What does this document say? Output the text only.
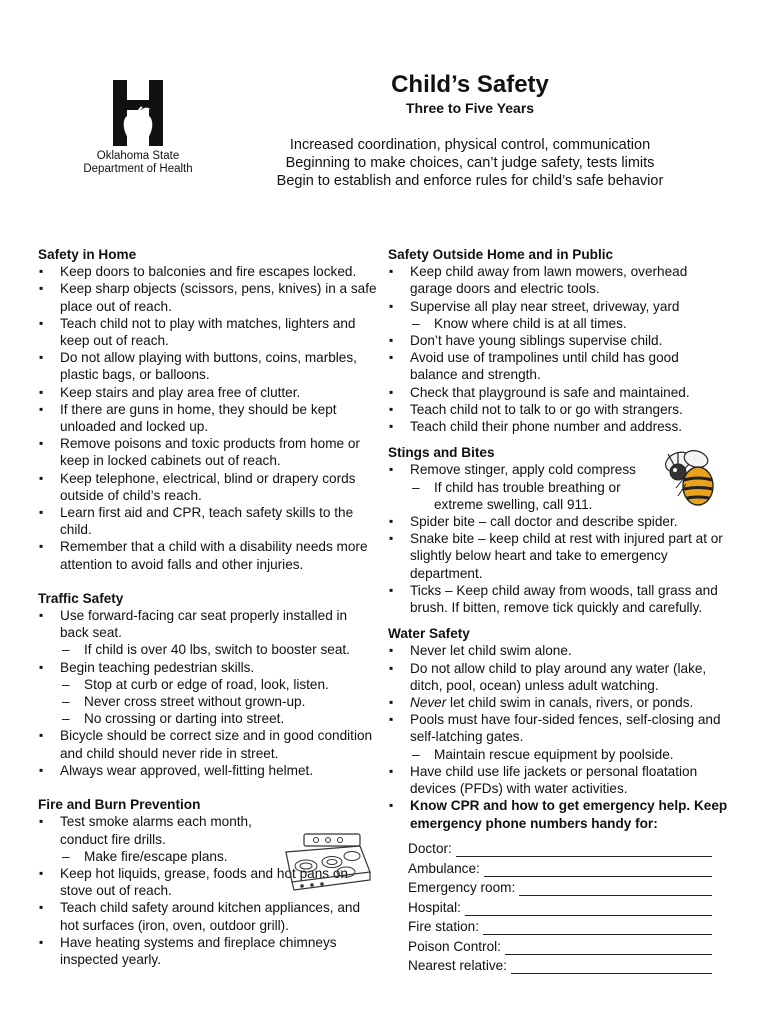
Oklahoma State
Department of Health
Child’s Safety

Three to Five Years

Increased coordination, physical control, communication

Beginning to make choices, can’t judge safety, tests limits

Begin to establish and enforce rules for child’s safe behavior

Safety in Home
▪ Keep doors to balconies and fire escapes locked.
▪ Keep sharp objects (scissors, pens, knives) in a safe place out of reach.
▪ Teach child not to play with matches, lighters and keep out of reach.
▪ Do not allow playing with buttons, coins, marbles, plastic bags, or balloons.
▪ Keep stairs and play area free of clutter.
▪ If there are guns in home, they should be kept unloaded and locked up.
▪ Remove poisons and toxic products from home or keep in locked cabinets out of reach.
▪ Keep telephone, electrical, blind or drapery cords outside of child’s reach.
▪ Learn first aid and CPR, teach safety skills to the child.
▪ Remember that a child with a disability needs more attention to avoid falls and other injuries.
Traffic Safety
▪ Use forward-facing car seat properly installed in back seat.
– If child is over 40 lbs, switch to booster seat.
▪ Begin teaching pedestrian skills.
– Stop at curb or edge of road, look, listen.
– Never cross street without grown-up.
– No crossing or darting into street.
▪ Bicycle should be correct size and in good condition and child should never ride in street.
▪ Always wear approved, well-fitting helmet.
Fire and Burn Prevention
▪ Test smoke alarms each month, conduct fire drills.
– Make fire/escape plans.
▪ Keep hot liquids, grease, foods and hot pans on stove out of reach.
▪ Teach child safety around kitchen appliances, and hot surfaces (iron, oven, outdoor grill).
▪ Have heating systems and fireplace chimneys inspected yearly.
Safety Outside Home and in Public
▪ Keep child away from lawn mowers, overhead garage doors and electric tools.
▪ Supervise all play near street, driveway, yard
– Know where child is at all times.
▪ Don’t have young siblings supervise child.
▪ Avoid use of trampolines until child has good balance and strength.
▪ Check that playground is safe and maintained.
▪ Teach child not to talk to or go with strangers.
▪ Teach child their phone number and address.
Stings and Bites
▪ Remove stinger, apply cold compress
– If child has trouble breathing or extreme swelling, call 911.
▪ Spider bite – call doctor and describe spider.
▪ Snake bite – keep child at rest with injured part at or slightly below heart and take to emergency department.
▪ Ticks – Keep child away from woods, tall grass and brush. If bitten, remove tick quickly and carefully.
Water Safety
▪ Never let child swim alone.
▪ Do not allow child to play around any water (lake, ditch, pool, ocean) unless adult watching.
▪ Never let child swim in canals, rivers, or ponds.
▪ Pools must have four-sided fences, self-closing and self-latching gates.
– Maintain rescue equipment by poolside.
▪ Have child use life jackets or personal floatation devices (PFDs) with water activities.
▪ Know CPR and how to get emergency help. Keep emergency phone numbers handy for:
Doctor:
Ambulance:
Emergency room:
Hospital:
Fire station:
Poison Control:
Nearest relative:
